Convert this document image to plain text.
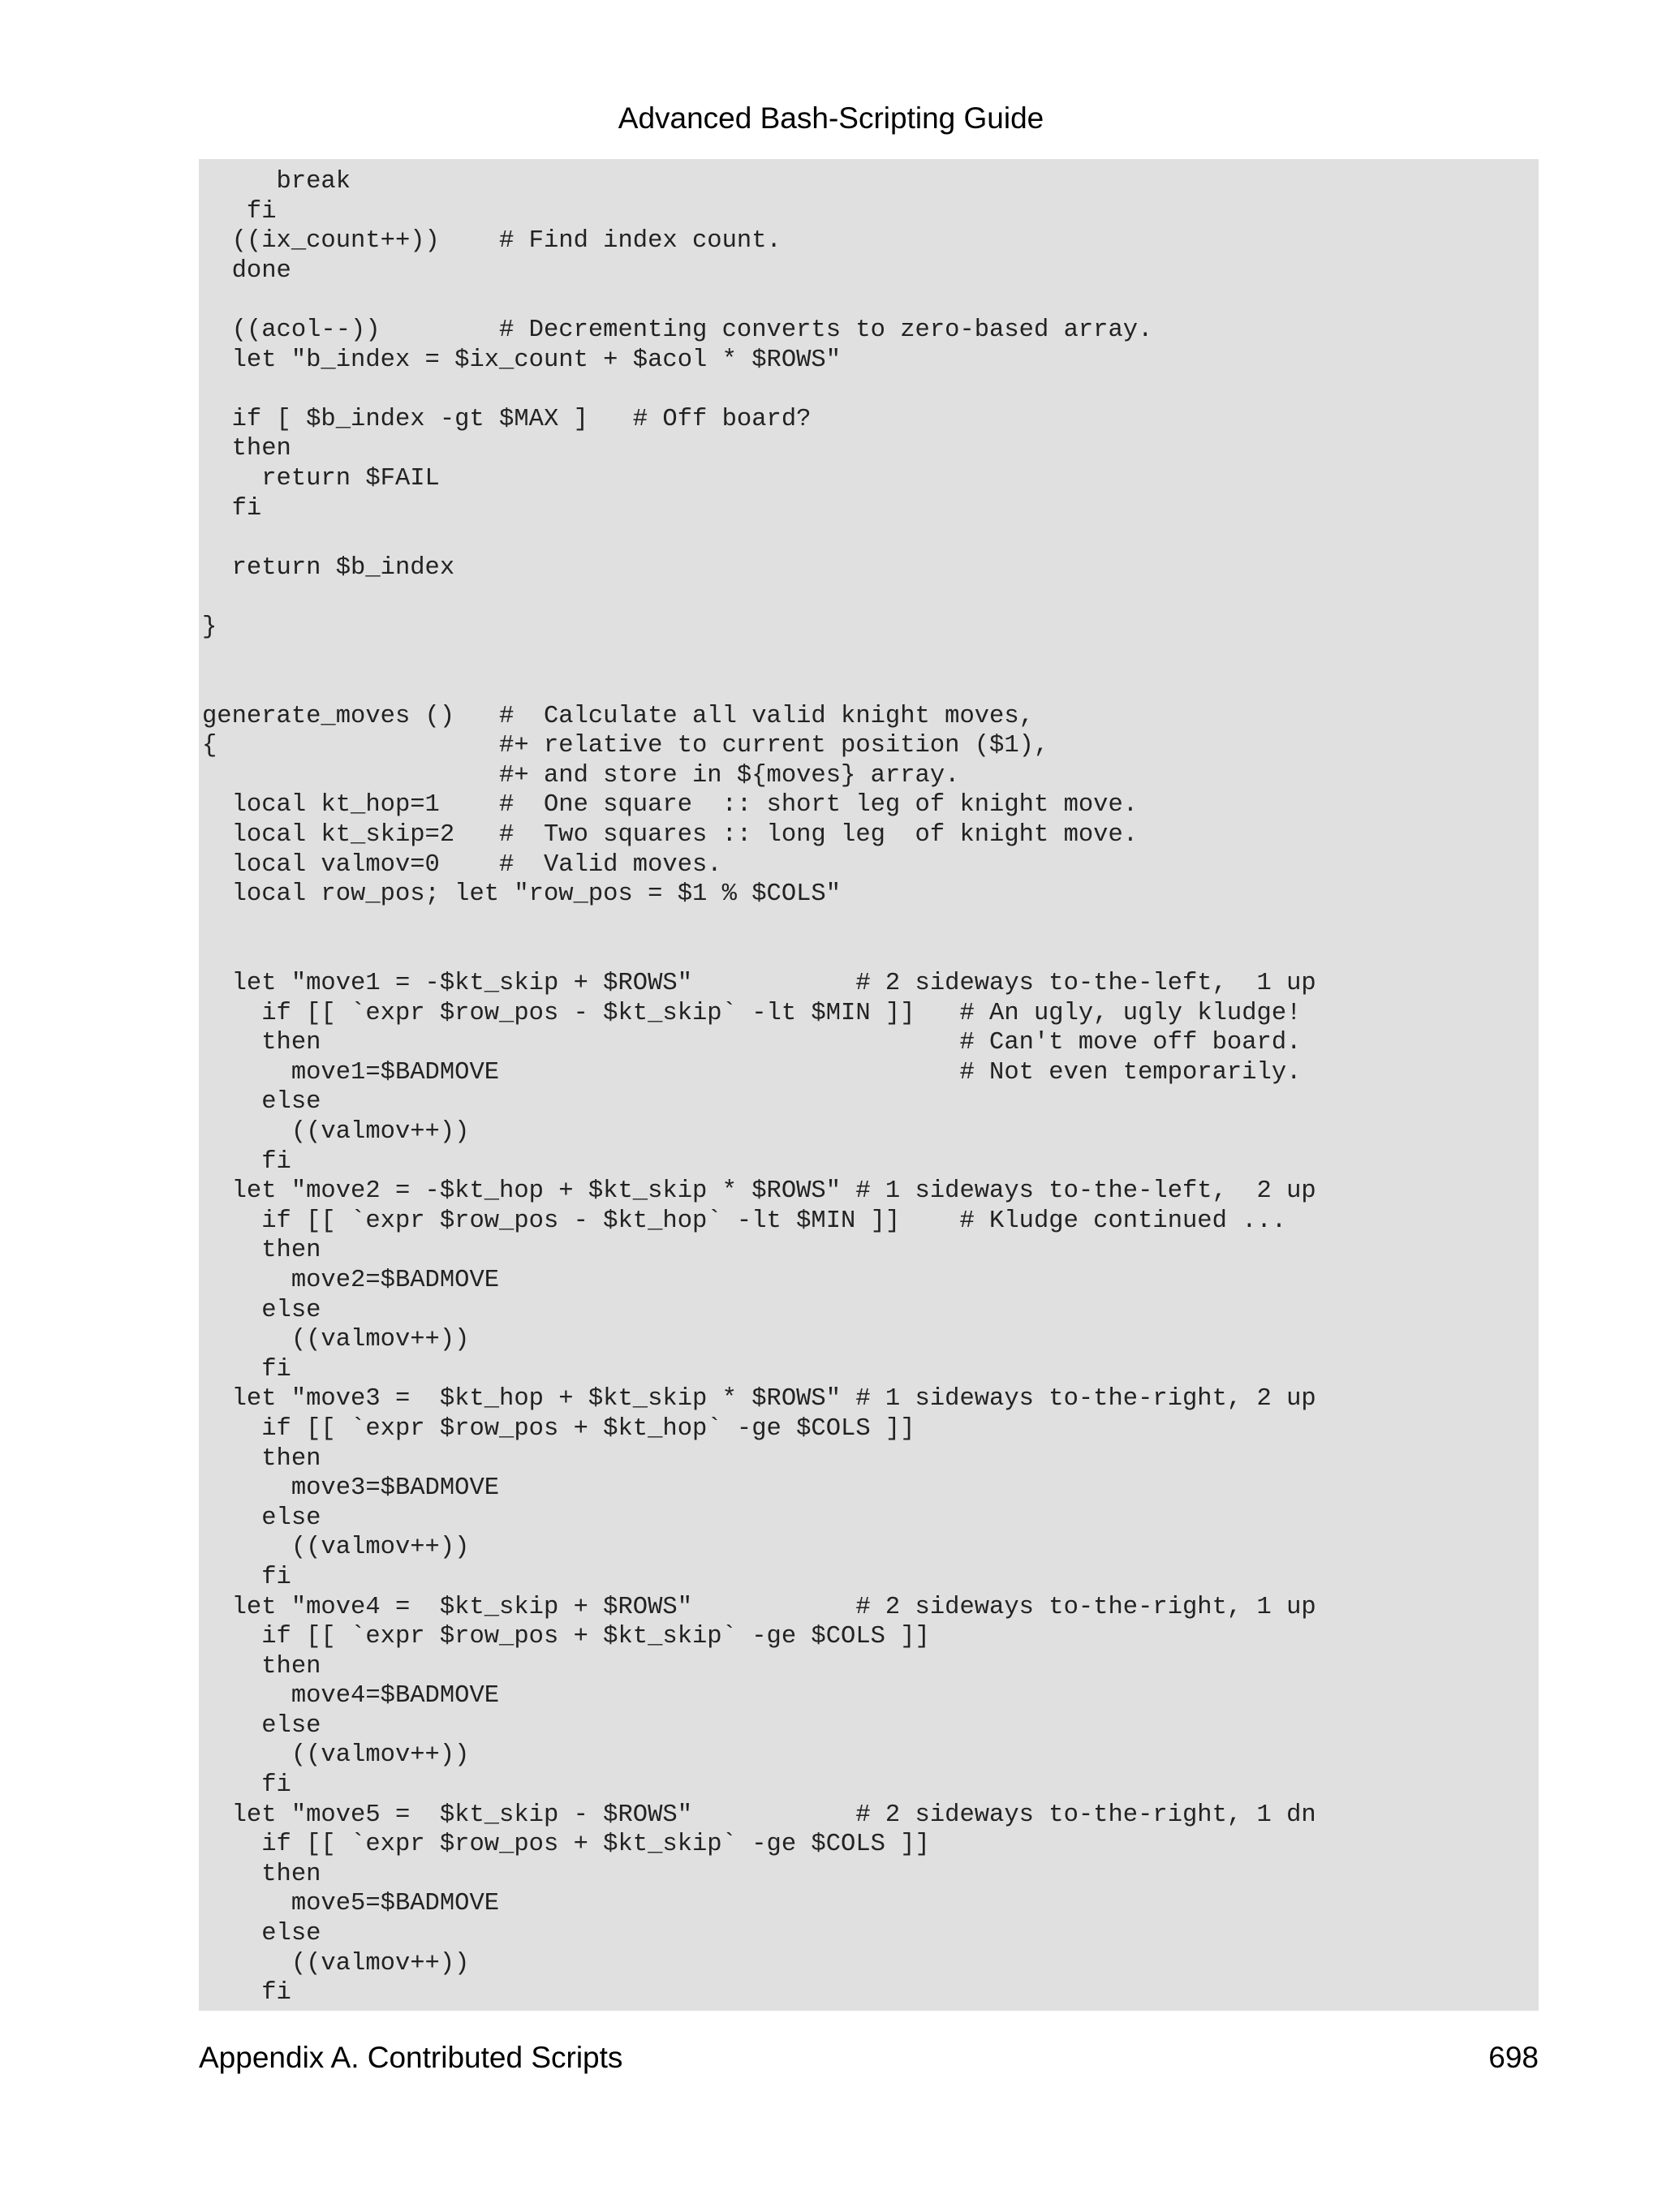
Advanced Bash-Scripting Guide
break
fi
((ix_count++))    # Find index count.
done
((acol--))        # Decrementing converts to zero-based array.
let "b_index = $ix_count + $acol * $ROWS"
if [ $b_index -gt $MAX ]   # Off board?
then
return $FAIL
fi
return $b_index
}
generate_moves ()   #  Calculate all valid knight moves,
{                   #+ relative to current position ($1),
#+ and store in ${moves} array.
local kt_hop=1    #  One square  :: short leg of knight move.
local kt_skip=2   #  Two squares :: long leg  of knight move.
local valmov=0    #  Valid moves.
local row_pos; let "row_pos = $1 % $COLS"
let "move1 = -$kt_skip + $ROWS"           # 2 sideways to-the-left,  1 up
if [[ `expr $row_pos - $kt_skip` -lt $MIN ]]   # An ugly, ugly kludge!
then                                           # Can't move off board.
move1=$BADMOVE                               # Not even temporarily.
else
((valmov++))
fi
let "move2 = -$kt_hop + $kt_skip * $ROWS" # 1 sideways to-the-left,  2 up
if [[ `expr $row_pos - $kt_hop` -lt $MIN ]]    # Kludge continued ...
then
move2=$BADMOVE
else
((valmov++))
fi
let "move3 =  $kt_hop + $kt_skip * $ROWS" # 1 sideways to-the-right, 2 up
if [[ `expr $row_pos + $kt_hop` -ge $COLS ]]
then
move3=$BADMOVE
else
((valmov++))
fi
let "move4 =  $kt_skip + $ROWS"           # 2 sideways to-the-right, 1 up
if [[ `expr $row_pos + $kt_skip` -ge $COLS ]]
then
move4=$BADMOVE
else
((valmov++))
fi
let "move5 =  $kt_skip - $ROWS"           # 2 sideways to-the-right, 1 dn
if [[ `expr $row_pos + $kt_skip` -ge $COLS ]]
then
move5=$BADMOVE
else
((valmov++))
fi
Appendix A. Contributed Scripts	698
